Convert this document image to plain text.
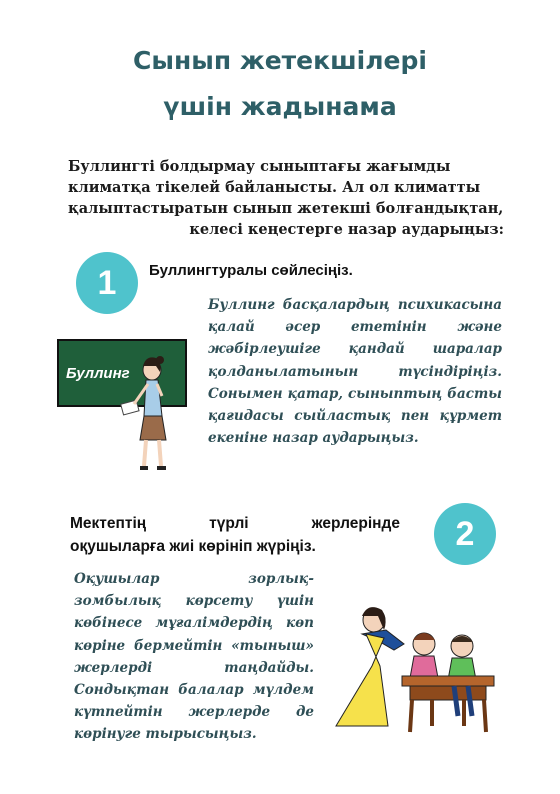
Сынып жетекшілері
үшін жадынама
Буллингті болдырмау сыныптағы жағымды
климатқа тікелей байланысты. Ал ол климатты
қалыптастыратын сынып жетекші болғандықтан,
келесі кеңестерге назар аударыңыз:
1	Буллингтуралы сөйлесіңіз.
Буллинг
Буллинг басқалардың психикасына қалай әсер ететінін және жәбірлеушіге қандай шаралар қолданылатынын түсіндіріңіз. Сонымен қатар, сыныптың басты қағидасы сыйластық пен құрмет екеніне назар аударыңыз.
2
Мектептің	түрлі	жерлерінде
оқушыларға жиі көрініп жүріңіз.
Оқушылар зорлық-зомбылық көрсету үшін көбінесе мұғалімдердің көп көріне бермейтін «тыныш» жерлерді таңдайды. Сондықтан балалар мүлдем күтпейтін жерлерде де көрінуге тырысыңыз.
